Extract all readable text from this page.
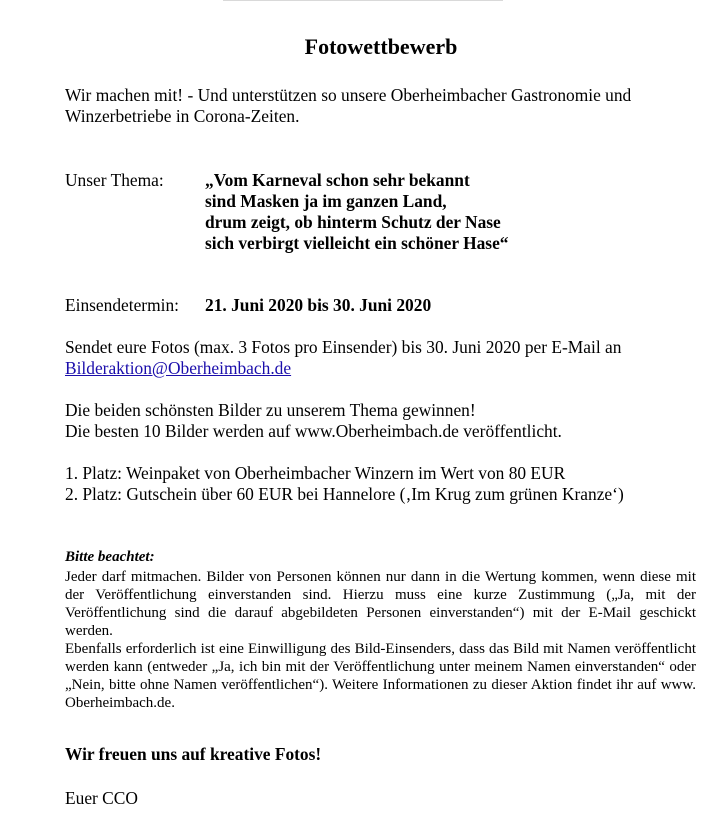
Fotowettbewerb
Wir machen mit! - Und unterstützen so unsere Oberheimbacher Gastronomie und
Winzerbetriebe in Corona-Zeiten.
Unser Thema: „Vom Karneval schon sehr bekannt
sind Masken ja im ganzen Land,
drum zeigt, ob hinterm Schutz der Nase
sich verbirgt vielleicht ein schöner Hase“
Einsendetermin: 21. Juni 2020 bis 30. Juni 2020
Sendet eure Fotos (max. 3 Fotos pro Einsender) bis 30. Juni 2020 per E-Mail an
Bilderaktion@Oberheimbach.de
Die beiden schönsten Bilder zu unserem Thema gewinnen!
Die besten 10 Bilder werden auf www.Oberheimbach.de veröffentlicht.
1. Platz: Weinpaket von Oberheimbacher Winzern im Wert von 80 EUR
2. Platz: Gutschein über 60 EUR bei Hannelore (‚Im Krug zum grünen Kranze‘)
Bitte beachtet:

Jeder darf mitmachen. Bilder von Personen können nur dann in die Wertung kommen, wenn diese mit der Veröffentlichung einverstanden sind. Hierzu muss eine kurze Zustimmung („Ja, mit der Veröffentlichung sind die darauf abgebildeten Personen einverstanden“) mit der E-Mail geschickt werden.

Ebenfalls erforderlich ist eine Einwilligung des Bild-Einsenders, dass das Bild mit Namen veröffentlicht werden kann (entweder „Ja, ich bin mit der Veröffentlichung unter meinem Namen einverstanden“ oder „Nein, bitte ohne Namen veröffentlichen“). Weitere Informationen zu dieser Aktion findet ihr auf www. Oberheimbach.de.

Wir freuen uns auf kreative Fotos!
Euer CCO
